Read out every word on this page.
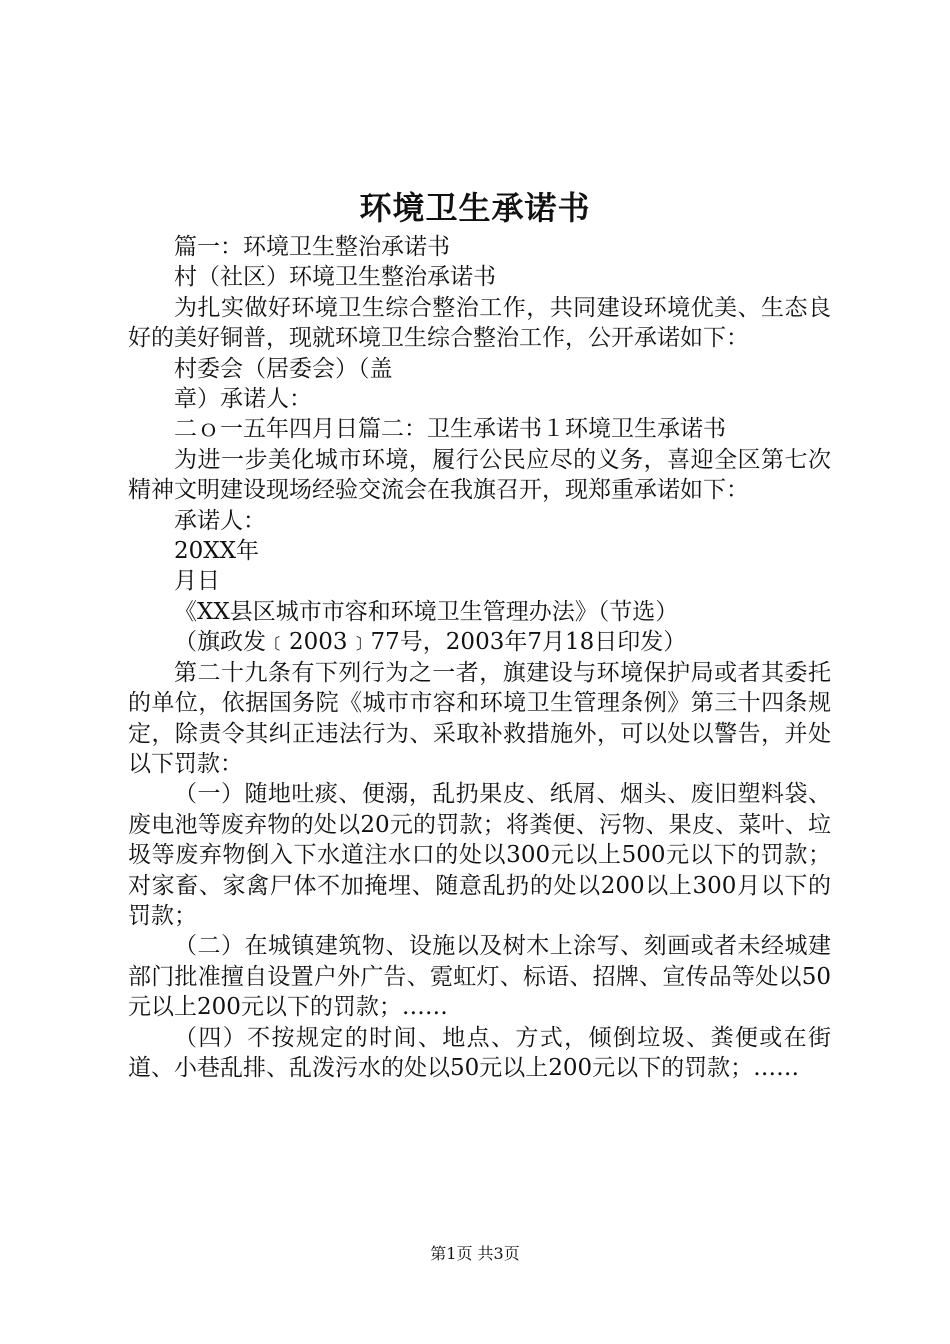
环境卫生承诺书

篇一：环境卫生整治承诺书

村（社区）环境卫生整治承诺书

为扎实做好环境卫生综合整治工作，共同建设环境优美、生态良好的美好铜普，现就环境卫生综合整治工作，公开承诺如下：

村委会（居委会）（盖

章）承诺人：

二ｏ一五年四月日篇二：卫生承诺书１环境卫生承诺书

为进一步美化城市环境，履行公民应尽的义务，喜迎全区第七次精神文明建设现场经验交流会在我旗召开，现郑重承诺如下：

承诺人：

20XX年

月日

《XX县区城市市容和环境卫生管理办法》（节选）

（旗政发﹝2003﹞77号，2003年7月18日印发）

第二十九条有下列行为之一者，旗建设与环境保护局或者其委托的单位，依据国务院《城市市容和环境卫生管理条例》第三十四条规定，除责令其纠正违法行为、采取补救措施外，可以处以警告，并处以下罚款：

（一）随地吐痰、便溺，乱扔果皮、纸屑、烟头、废旧塑料袋、废电池等废弃物的处以20元的罚款；将粪便、污物、果皮、菜叶、垃圾等废弃物倒入下水道注水口的处以300元以上500元以下的罚款；对家畜、家禽尸体不加掩埋、随意乱扔的处以200以上300月以下的罚款；

（二）在城镇建筑物、设施以及树木上涂写、刻画或者未经城建部门批准擅自设置户外广告、霓虹灯、标语、招牌、宣传品等处以50元以上200元以下的罚款；……

（四）不按规定的时间、地点、方式，倾倒垃圾、粪便或在街道、小巷乱排、乱泼污水的处以50元以上200元以下的罚款；……

第1页 共3页
